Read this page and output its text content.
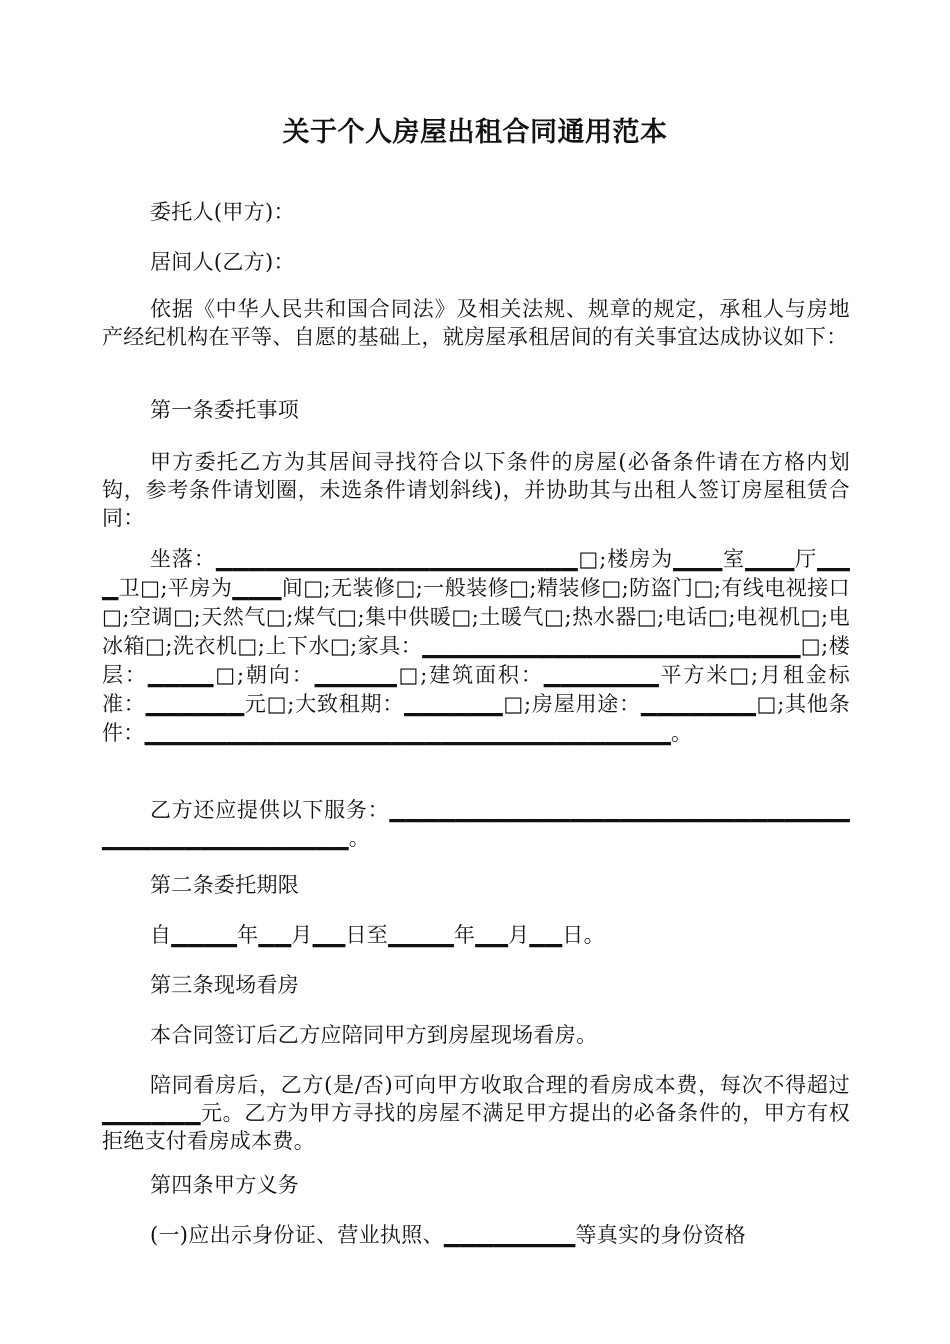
关于个人房屋出租合同通用范本
委托人(甲方)：
居间人(乙方)：
依据《中华人民共和国合同法》及相关法规、规章的规定，承租人与房地产经纪机构在平等、自愿的基础上，就房屋承租居间的有关事宜达成协议如下：
第一条委托事项
甲方委托乙方为其居间寻找符合以下条件的房屋(必备条件请在方格内划钩，参考条件请划圈，未选条件请划斜线)，并协助其与出租人签订房屋租赁合同：
坐落：▁▁▁▁▁▁▁▁▁▁▁▁▁▁▁▁▁▁▁▁▁▁□;楼房为▁▁▁室▁▁▁厅▁▁▁卫□;平房为▁▁▁间□;无装修□;一般装修□;精装修□;防盗门□;有线电视接口□;空调□;天然气□;煤气□;集中供暖□;土暖气□;热水器□;电话□;电视机□;电冰箱□;洗衣机□;上下水□;家具：▁▁▁▁▁▁▁▁▁▁▁▁▁▁▁▁▁▁▁▁▁▁▁□;楼层：▁▁▁▁□;朝向：▁▁▁▁▁□;建筑面积：▁▁▁▁▁▁▁平方米□;月租金标准：▁▁▁▁▁▁元□;大致租期：▁▁▁▁▁▁□;房屋用途：▁▁▁▁▁▁▁□;其他条件：▁▁▁▁▁▁▁▁▁▁▁▁▁▁▁▁▁▁▁▁▁▁▁▁▁▁▁▁▁▁▁▁。
乙方还应提供以下服务：▁▁▁▁▁▁▁▁▁▁▁▁▁▁▁▁▁▁▁▁▁▁▁▁▁▁▁▁▁▁▁▁▁▁▁▁▁▁▁▁▁▁▁。
第二条委托期限
自▁▁▁▁年▁▁月▁▁日至▁▁▁▁年▁▁月▁▁日。
第三条现场看房
本合同签订后乙方应陪同甲方到房屋现场看房。
陪同看房后，乙方(是/否)可向甲方收取合理的看房成本费，每次不得超过▁▁▁▁▁▁元。乙方为甲方寻找的房屋不满足甲方提出的必备条件的，甲方有权拒绝支付看房成本费。
第四条甲方义务
(一)应出示身份证、营业执照、▁▁▁▁▁▁▁▁等真实的身份资格
